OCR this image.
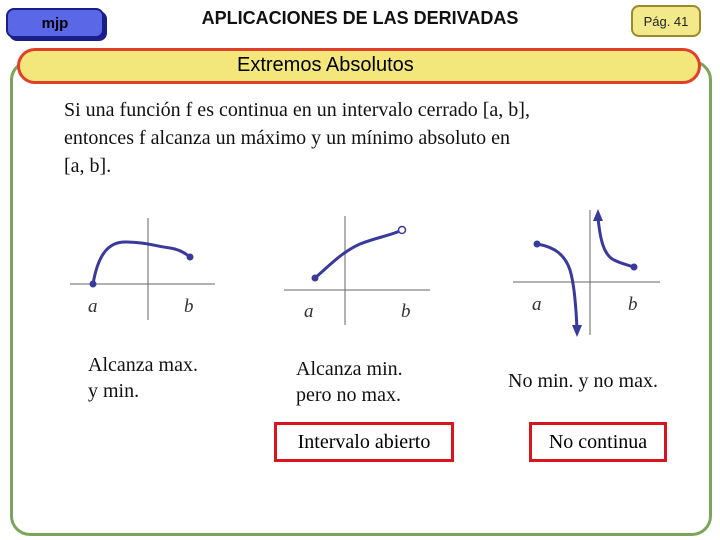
mjp	APLICACIONES DE LAS DERIVADAS	Pág. 41
Extremos Absolutos

Si una función f es continua en un intervalo cerrado [a, b],
entonces f alcanza un máximo y un mínimo absoluto en
[a, b].

a	b	a	b	a	b
Alcanza max.
y min.
Alcanza min.
pero no max.
No min. y no max.
Intervalo abierto	No continua
